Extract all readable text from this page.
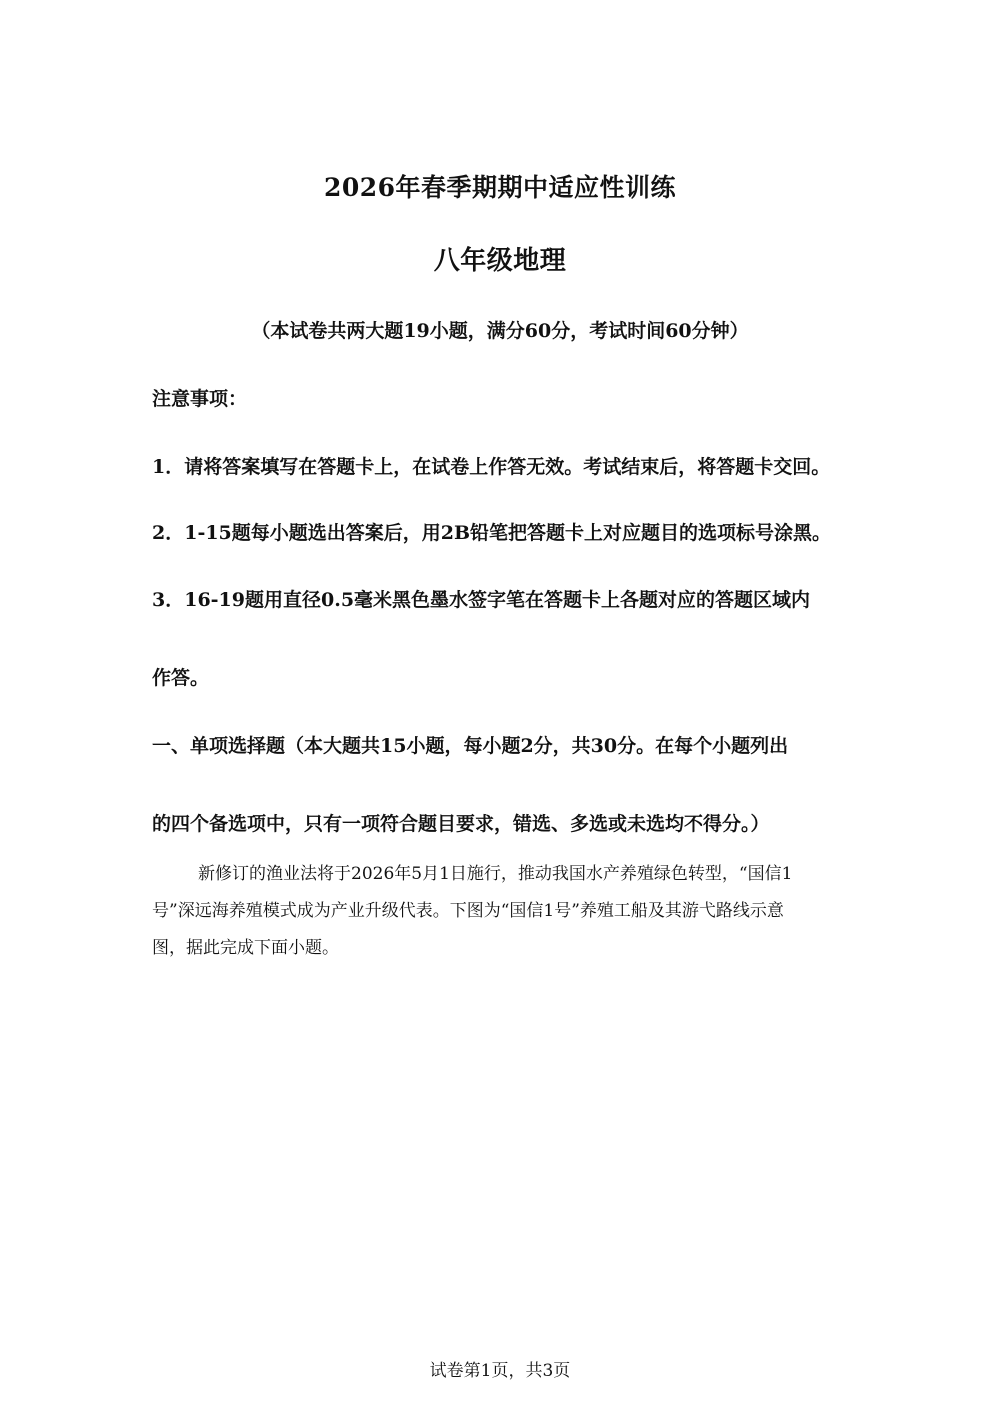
2026年春季期期中适应性训练
八年级地理
（本试卷共两大题19小题，满分60分，考试时间60分钟）
注意事项：
1．请将答案填写在答题卡上，在试卷上作答无效。考试结束后，将答题卡交回。
2．1-15题每小题选出答案后，用2B铅笔把答题卡上对应题目的选项标号涂黑。
3．16-19题用直径0.5毫米黑色墨水签字笔在答题卡上各题对应的答题区域内
作答。
一、单项选择题（本大题共15小题，每小题2分，共30分。在每个小题列出
的四个备选项中，只有一项符合题目要求，错选、多选或未选均不得分。）
新修订的渔业法将于2026年5月1日施行，推动我国水产养殖绿色转型，“国信1
号”深远海养殖模式成为产业升级代表。下图为“国信1号”养殖工船及其游弋路线示意
图，据此完成下面小题。
试卷第1页，共3页
